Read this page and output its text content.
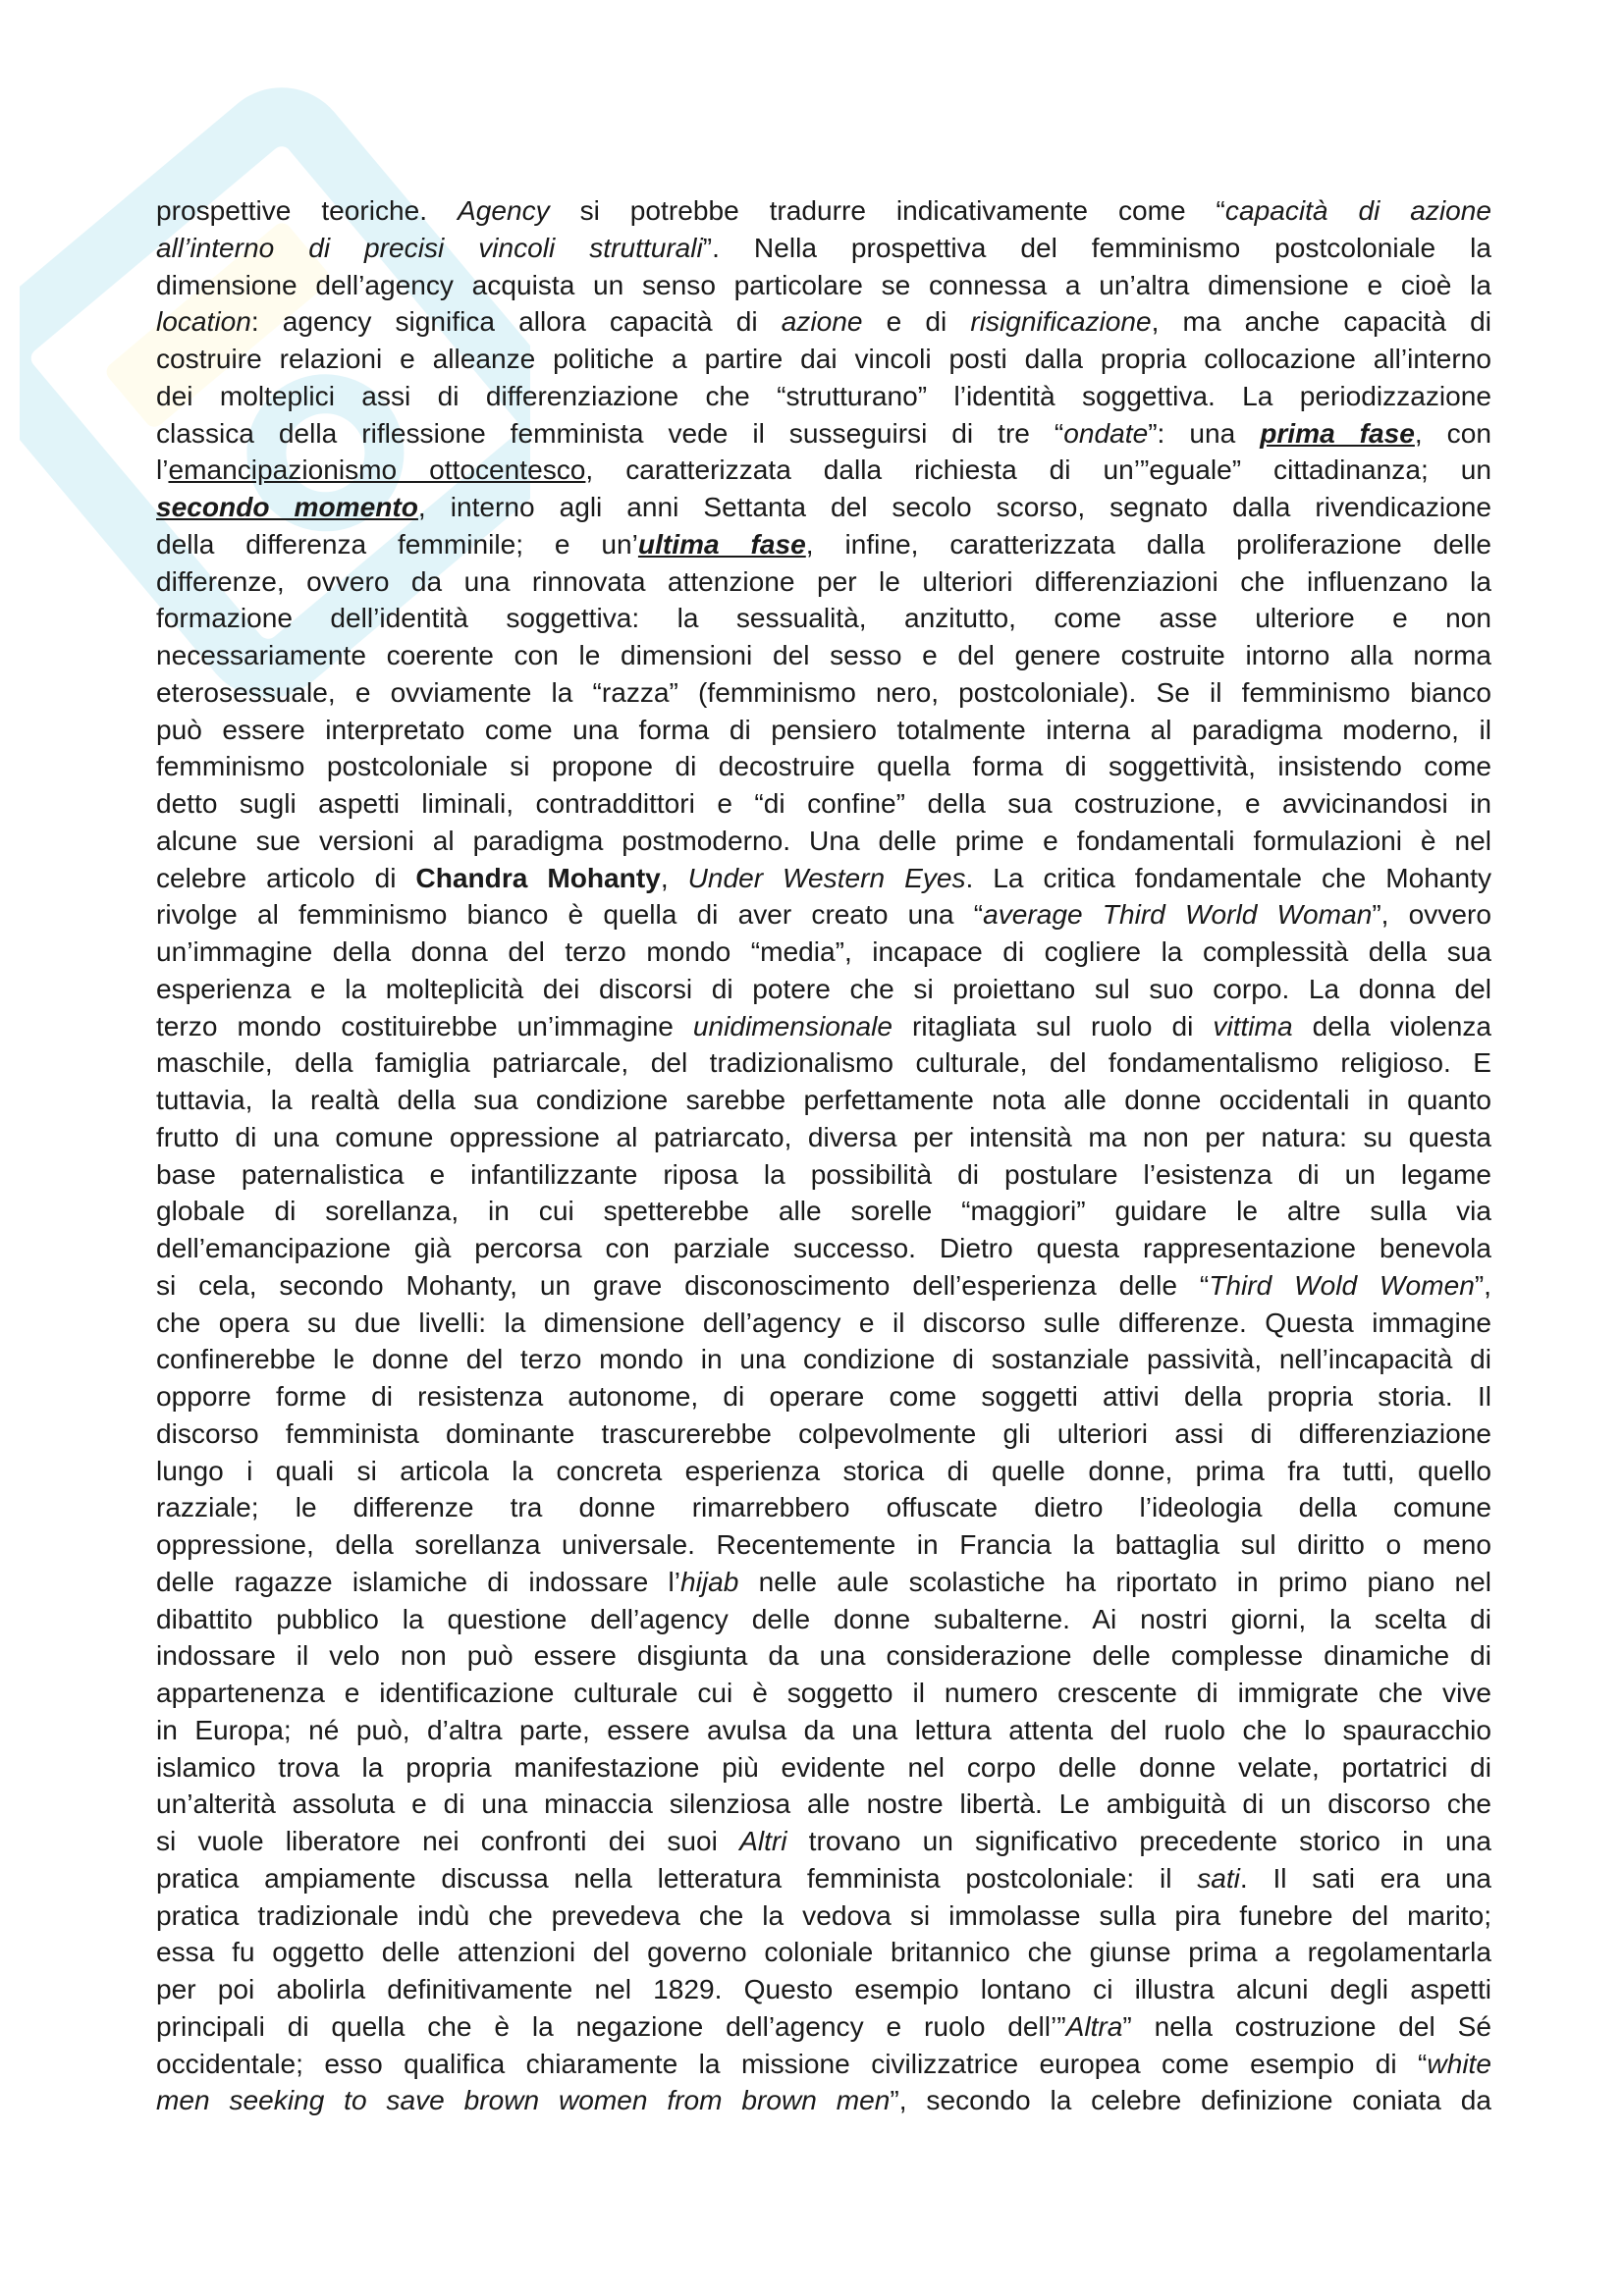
prospettive teoriche. Agency si potrebbe tradurre indicativamente come “capacità di azione
all’interno di precisi vincoli strutturali”. Nella prospettiva del femminismo postcoloniale la
dimensione dell’agency acquista un senso particolare se connessa a un’altra dimensione e cioè la
location: agency significa allora capacità di azione e di risignificazione, ma anche capacità di
costruire relazioni e alleanze politiche a partire dai vincoli posti dalla propria collocazione all’interno
dei molteplici assi di differenziazione che “strutturano” l’identità soggettiva. La periodizzazione
classica della riflessione femminista vede il susseguirsi di tre “ondate”: una prima fase, con
l’emancipazionismo ottocentesco, caratterizzata dalla richiesta di un’”eguale” cittadinanza; un
secondo momento, interno agli anni Settanta del secolo scorso, segnato dalla rivendicazione
della differenza femminile; e un’ultima fase, infine, caratterizzata dalla proliferazione delle
differenze, ovvero da una rinnovata attenzione per le ulteriori differenziazioni che influenzano la
formazione dell’identità soggettiva: la sessualità, anzitutto, come asse ulteriore e non
necessariamente coerente con le dimensioni del sesso e del genere costruite intorno alla norma
eterosessuale, e ovviamente la “razza” (femminismo nero, postcoloniale). Se il femminismo bianco
può essere interpretato come una forma di pensiero totalmente interna al paradigma moderno, il
femminismo postcoloniale si propone di decostruire quella forma di soggettività, insistendo come
detto sugli aspetti liminali, contraddittori e “di confine” della sua costruzione, e avvicinandosi in
alcune sue versioni al paradigma postmoderno. Una delle prime e fondamentali formulazioni è nel
celebre articolo di Chandra Mohanty, Under Western Eyes. La critica fondamentale che Mohanty
rivolge al femminismo bianco è quella di aver creato una “average Third World Woman”, ovvero
un’immagine della donna del terzo mondo “media”, incapace di cogliere la complessità della sua
esperienza e la molteplicità dei discorsi di potere che si proiettano sul suo corpo. La donna del
terzo mondo costituirebbe un’immagine unidimensionale ritagliata sul ruolo di vittima della violenza
maschile, della famiglia patriarcale, del tradizionalismo culturale, del fondamentalismo religioso. E
tuttavia, la realtà della sua condizione sarebbe perfettamente nota alle donne occidentali in quanto
frutto di una comune oppressione al patriarcato, diversa per intensità ma non per natura: su questa
base paternalistica e infantilizzante riposa la possibilità di postulare l’esistenza di un legame
globale di sorellanza, in cui spetterebbe alle sorelle “maggiori” guidare le altre sulla via
dell’emancipazione già percorsa con parziale successo. Dietro questa rappresentazione benevola
si cela, secondo Mohanty, un grave disconoscimento dell’esperienza delle “Third Wold Women”,
che opera su due livelli: la dimensione dell’agency e il discorso sulle differenze. Questa immagine
confinerebbe le donne del terzo mondo in una condizione di sostanziale passività, nell’incapacità di
opporre forme di resistenza autonome, di operare come soggetti attivi della propria storia. Il
discorso femminista dominante trascurerebbe colpevolmente gli ulteriori assi di differenziazione
lungo i quali si articola la concreta esperienza storica di quelle donne, prima fra tutti, quello
razziale; le differenze tra donne rimarrebbero offuscate dietro l’ideologia della comune
oppressione, della sorellanza universale. Recentemente in Francia la battaglia sul diritto o meno
delle ragazze islamiche di indossare l’hijab nelle aule scolastiche ha riportato in primo piano nel
dibattito pubblico la questione dell’agency delle donne subalterne. Ai nostri giorni, la scelta di
indossare il velo non può essere disgiunta da una considerazione delle complesse dinamiche di
appartenenza e identificazione culturale cui è soggetto il numero crescente di immigrate che vive
in Europa; né può, d’altra parte, essere avulsa da una lettura attenta del ruolo che lo spauracchio
islamico trova la propria manifestazione più evidente nel corpo delle donne velate, portatrici di
un’alterità assoluta e di una minaccia silenziosa alle nostre libertà. Le ambiguità di un discorso che
si vuole liberatore nei confronti dei suoi Altri trovano un significativo precedente storico in una
pratica ampiamente discussa nella letteratura femminista postcoloniale: il sati. Il sati era una
pratica tradizionale indù che prevedeva che la vedova si immolasse sulla pira funebre del marito;
essa fu oggetto delle attenzioni del governo coloniale britannico che giunse prima a regolamentarla
per poi abolirla definitivamente nel 1829. Questo esempio lontano ci illustra alcuni degli aspetti
principali di quella che è la negazione dell’agency e ruolo dell’”Altra” nella costruzione del Sé
occidentale; esso qualifica chiaramente la missione civilizzatrice europea come esempio di “white
men seeking to save brown women from brown men”, secondo la celebre definizione coniata da
